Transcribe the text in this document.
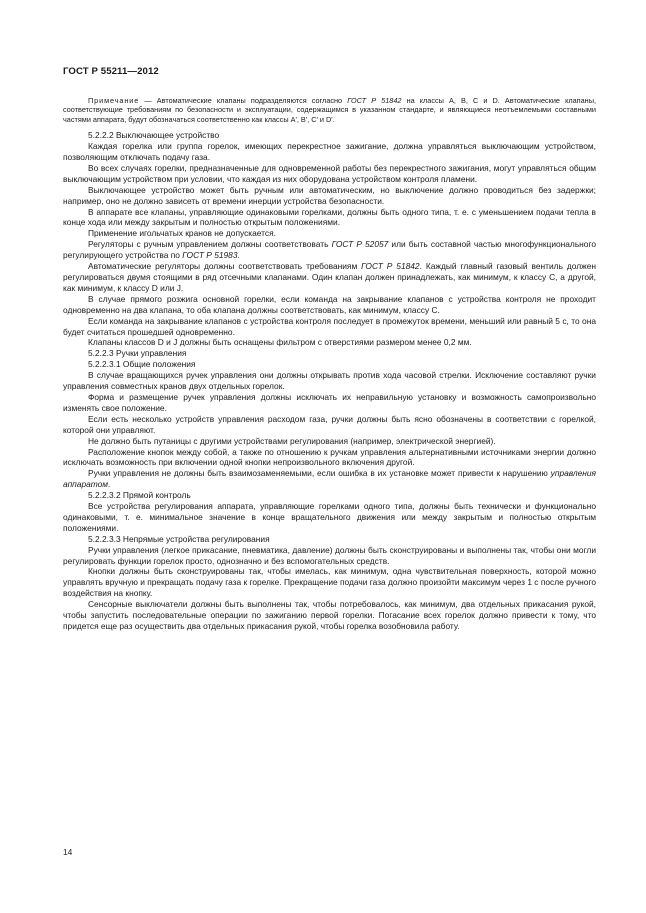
ГОСТ Р 55211—2012

Примечание — Автоматические клапаны подразделяются согласно ГОСТ Р 51842 на классы А, В, С и D. Автоматические клапаны, соответствующие требованиям по безопасности и эксплуатации, содержащимся в указанном стандарте, и являющиеся неотъемлемыми составными частями аппарата, будут обозначаться соответственно как классы А', В', С' и D'.

5.2.2.2 Выключающее устройство

Каждая горелка или группа горелок, имеющих перекрестное зажигание, должна управляться выключающим устройством, позволяющим отключать подачу газа.

Во всех случаях горелки, предназначенные для одновременной работы без перекрестного зажигания, могут управляться общим выключающим устройством при условии, что каждая из них оборудована устройством контроля пламени.

Выключающее устройство может быть ручным или автоматическим, но выключение должно проводиться без задержки; например, оно не должно зависеть от времени инерции устройства безопасности.

В аппарате все клапаны, управляющие одинаковыми горелками, должны быть одного типа, т. е. с уменьшением подачи тепла в конце хода или между закрытым и полностью открытым положениями.

Применение игольчатых кранов не допускается.

Регуляторы с ручным управлением должны соответствовать ГОСТ Р 52057 или быть составной частью многофункционального регулирующего устройства по ГОСТ Р 51983.

Автоматические регуляторы должны соответствовать требованиям ГОСТ Р 51842. Каждый главный газовый вентиль должен регулироваться двумя стоящими в ряд отсечными клапанами. Один клапан должен принадлежать, как минимум, к классу С, а другой, как минимум, к классу D или J.

В случае прямого розжига основной горелки, если команда на закрывание клапанов с устройства контроля не проходит одновременно на два клапана, то оба клапана должны соответствовать, как минимум, классу С.

Если команда на закрывание клапанов с устройства контроля последует в промежуток времени, меньший или равный 5 с, то она будет считаться прошедшей одновременно.

Клапаны классов D и J должны быть оснащены фильтром с отверстиями размером менее 0,2 мм.

5.2.2.3 Ручки управления

5.2.2.3.1 Общие положения

В случае вращающихся ручек управления они должны открывать против хода часовой стрелки. Исключение составляют ручки управления совместных кранов двух отдельных горелок.

Форма и размещение ручек управления должны исключать их неправильную установку и возможность самопроизвольно изменять свое положение.

Если есть несколько устройств управления расходом газа, ручки должны быть ясно обозначены в соответствии с горелкой, которой они управляют.

Не должно быть путаницы с другими устройствами регулирования (например, электрической энергией).

Расположение кнопок между собой, а также по отношению к ручкам управления альтернативными источниками энергии должно исключать возможность при включении одной кнопки непроизвольного включения другой.

Ручки управления не должны быть взаимозаменяемыми, если ошибка в их установке может привести к нарушению управления аппаратом.

5.2.2.3.2 Прямой контроль

Все устройства регулирования аппарата, управляющие горелками одного типа, должны быть технически и функционально одинаковыми, т. е. минимальное значение в конце вращательного движения или между закрытым и полностью открытым положениями.

5.2.2.3.3 Непрямые устройства регулирования

Ручки управления (легкое прикасание, пневматика, давление) должны быть сконструированы и выполнены так, чтобы они могли регулировать функции горелок просто, однозначно и без вспомогательных средств.

Кнопки должны быть сконструированы так, чтобы имелась, как минимум, одна чувствительная поверхность, которой можно управлять вручную и прекращать подачу газа к горелке. Прекращение подачи газа должно произойти максимум через 1 с после ручного воздействия на кнопку.

Сенсорные выключатели должны быть выполнены так, чтобы потребовалось, как минимум, два отдельных прикасания рукой, чтобы запустить последовательные операции по зажиганию первой горелки. Погасание всех горелок должно привести к тому, что придется еще раз осуществить два отдельных прикасания рукой, чтобы горелка возобновила работу.

14
